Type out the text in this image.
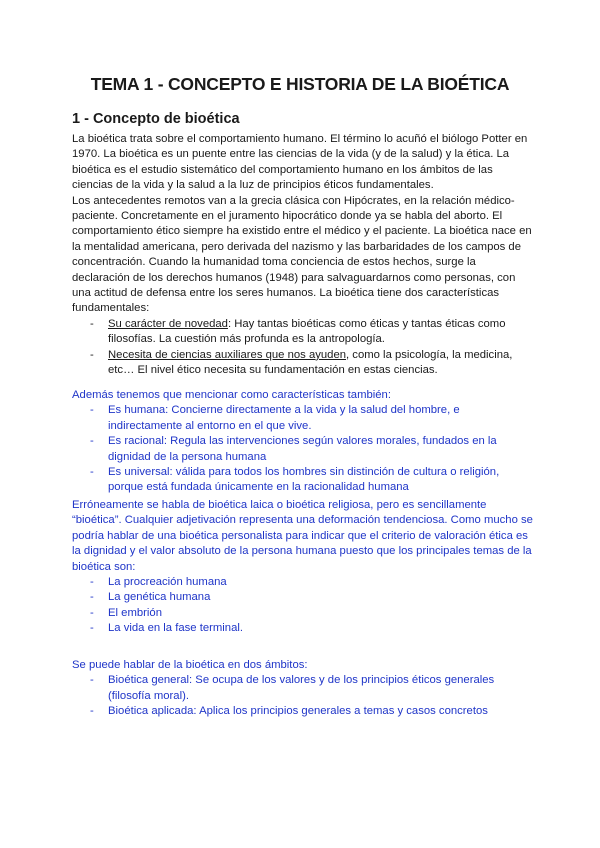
TEMA 1 - CONCEPTO E HISTORIA DE LA BIOÉTICA
1 - Concepto de bioética

La bioética trata sobre el comportamiento humano. El término lo acuñó el biólogo Potter en 1970. La bioética es un puente entre las ciencias de la vida (y de la salud) y la ética. La bioética es el estudio sistemático del comportamiento humano en los ámbitos de las ciencias de la vida y la salud a la luz de principios éticos fundamentales.

Los antecedentes remotos van a la grecia clásica con Hipócrates, en la relación médico-paciente. Concretamente en el juramento hipocrático donde ya se habla del aborto. El comportamiento ético siempre ha existido entre el médico y el paciente. La bioética nace en la mentalidad americana, pero derivada del nazismo y las barbaridades de los campos de concentración. Cuando la humanidad toma conciencia de estos hechos, surge la declaración de los derechos humanos (1948) para salvaguardarnos como personas, con una actitud de defensa entre los seres humanos. La bioética tiene dos características fundamentales:

- Su carácter de novedad: Hay tantas bioéticas como éticas y tantas éticas como filosofías. La cuestión más profunda es la antropología.
- Necesita de ciencias auxiliares que nos ayuden, como la psicología, la medicina, etc… El nivel ético necesita su fundamentación en estas ciencias.

Además tenemos que mencionar como características también:

- Es humana: Concierne directamente a la vida y la salud del hombre, e indirectamente al entorno en el que vive.
- Es racional: Regula las intervenciones según valores morales, fundados en la dignidad de la persona humana
- Es universal: válida para todos los hombres sin distinción de cultura o religión, porque está fundada únicamente en la racionalidad humana

Erróneamente se habla de bioética laica o bioética religiosa, pero es sencillamente “bioética”. Cualquier adjetivación representa una deformación tendenciosa. Como mucho se podría hablar de una bioética personalista para indicar que el criterio de valoración ética es la dignidad y el valor absoluto de la persona humana puesto que los principales temas de la bioética son:

- La procreación humana
- La genética humana
- El embrión
- La vida en la fase terminal.

Se puede hablar de la bioética en dos ámbitos:

- Bioética general: Se ocupa de los valores y de los principios éticos generales (filosofía moral).
- Bioética aplicada: Aplica los principios generales a temas y casos concretos
